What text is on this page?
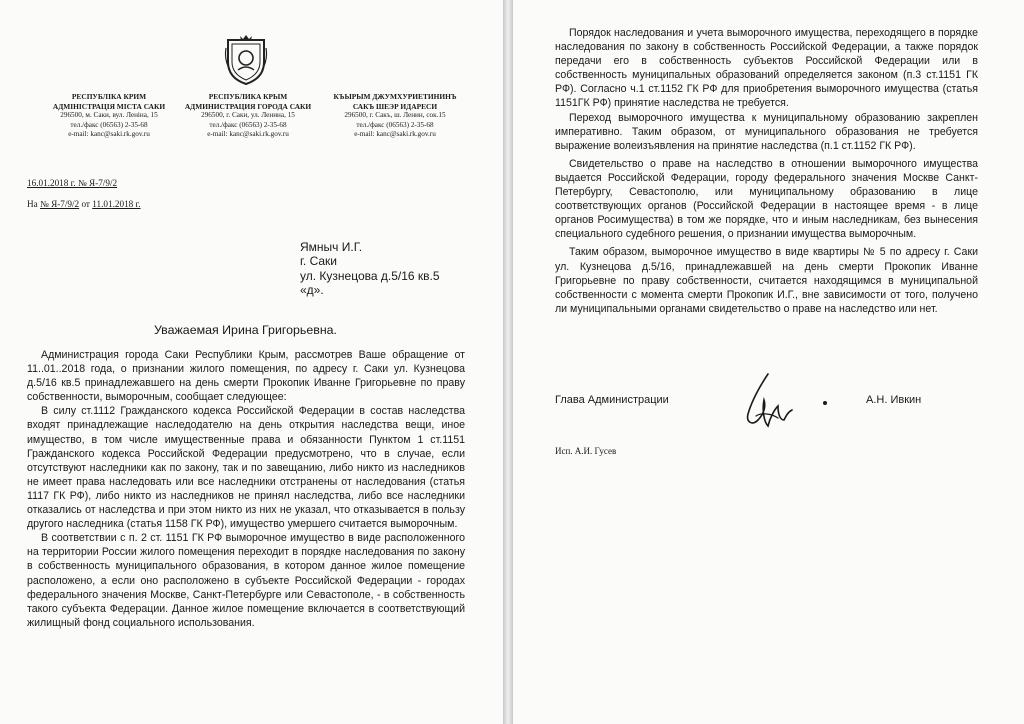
РЕСПУБЛІКА КРИМ
АДМІНІСТРАЦІЯ МІСТА САКИ
296500, м. Саки, вул. Леніна, 15
тел./факс (06563) 2-35-68
e-mail: kanc@saki.rk.gov.ru
РЕСПУБЛИКА КРЫМ
АДМИНИСТРАЦИЯ ГОРОДА САКИ
296500, г. Саки, ул. Ленина, 15
тел./факс (06563) 2-35-68
e-mail: kanc@saki.rk.gov.ru
КЪЫРЫМ ДЖУМХУРИЕТИНИНЪ
САКЪ ШЕЭР ИДАРЕСИ
296500, г. Сакъ, ш. Ленин, сок.15
тел./факс (06563) 2-35-68
e-mail: kanc@saki.rk.gov.ru
16.01.2018 г. № Я-7/9/2
На № Я-7/9/2 от 11.01.2018 г.
Ямныч И.Г.
г. Саки
ул. Кузнецова д.5/16 кв.5
«д».
Уважаемая Ирина Григорьевна.

Администрация города Саки Республики Крым, рассмотрев Ваше обращение от 11..01..2018 года, о признании жилого помещения, по адресу г. Саки ул. Кузнецова д.5/16 кв.5 принадлежавшего на день смерти Прокопик Иванне Григорьевне по праву собственности, выморочным, сообщает следующее:

В силу ст.1112 Гражданского кодекса Российской Федерации в состав наследства входят принадлежащие наследодателю на день открытия наследства вещи, иное имущество, в том числе имущественные права и обязанности Пунктом 1 ст.1151 Гражданского кодекса Российской Федерации предусмотрено, что в случае, если отсутствуют наследники как по закону, так и по завещанию, либо никто из наследников не имеет права наследовать или все наследники отстранены от наследования (статья 1117 ГК РФ), либо никто из наследников не принял наследства, либо все наследники отказались от наследства и при этом никто из них не указал, что отказывается в пользу другого наследника (статья 1158 ГК РФ), имущество умершего считается выморочным.

В соответствии с п. 2 ст. 1151 ГК РФ выморочное имущество в виде расположенного на территории России жилого помещения переходит в порядке наследования по закону в собственность муниципального образования, в котором данное жилое помещение расположено, а если оно расположено в субъекте Российской Федерации - городах федерального значения Москве, Санкт-Петербурге или Севастополе, - в собственность такого субъекта Федерации. Данное жилое помещение включается в соответствующий жилищный фонд социального использования.

Порядок наследования и учета выморочного имущества, переходящего в порядке наследования по закону в собственность Российской Федерации, а также порядок передачи его в собственность субъектов Российской Федерации или в собственность муниципальных образований определяется законом (п.3 ст.1151 ГК РФ). Согласно ч.1 ст.1152 ГК РФ для приобретения выморочного имущества (статья 1151ГК РФ) принятие наследства не требуется.

Переход выморочного имущества к муниципальному образованию закреплен императивно. Таким образом, от муниципального образования не требуется выражение волеизъявления на принятие наследства (п.1 ст.1152 ГК РФ).

Свидетельство о праве на наследство в отношении выморочного имущества выдается Российской Федерации, городу федерального значения Москве Санкт-Петербургу, Севастополю, или муниципальному образованию в лице соответствующих органов (Российской Федерации в настоящее время - в лице органов Росимущества) в том же порядке, что и иным наследникам, без вынесения специального судебного решения, о признании имущества выморочным.

Таким образом, выморочное имущество в виде квартиры № 5 по адресу г. Саки ул. Кузнецова д.5/16, принадлежавшей на день смерти Прокопик Иванне Григорьевне по праву собственности, считается находящимся в муниципальной собственности с момента смерти Прокопик И.Г., вне зависимости от того, получено ли муниципальными органами свидетельство о праве на наследство или нет.

Глава Администрации	А.Н. Ивкин
Исп. А.И. Гусев
